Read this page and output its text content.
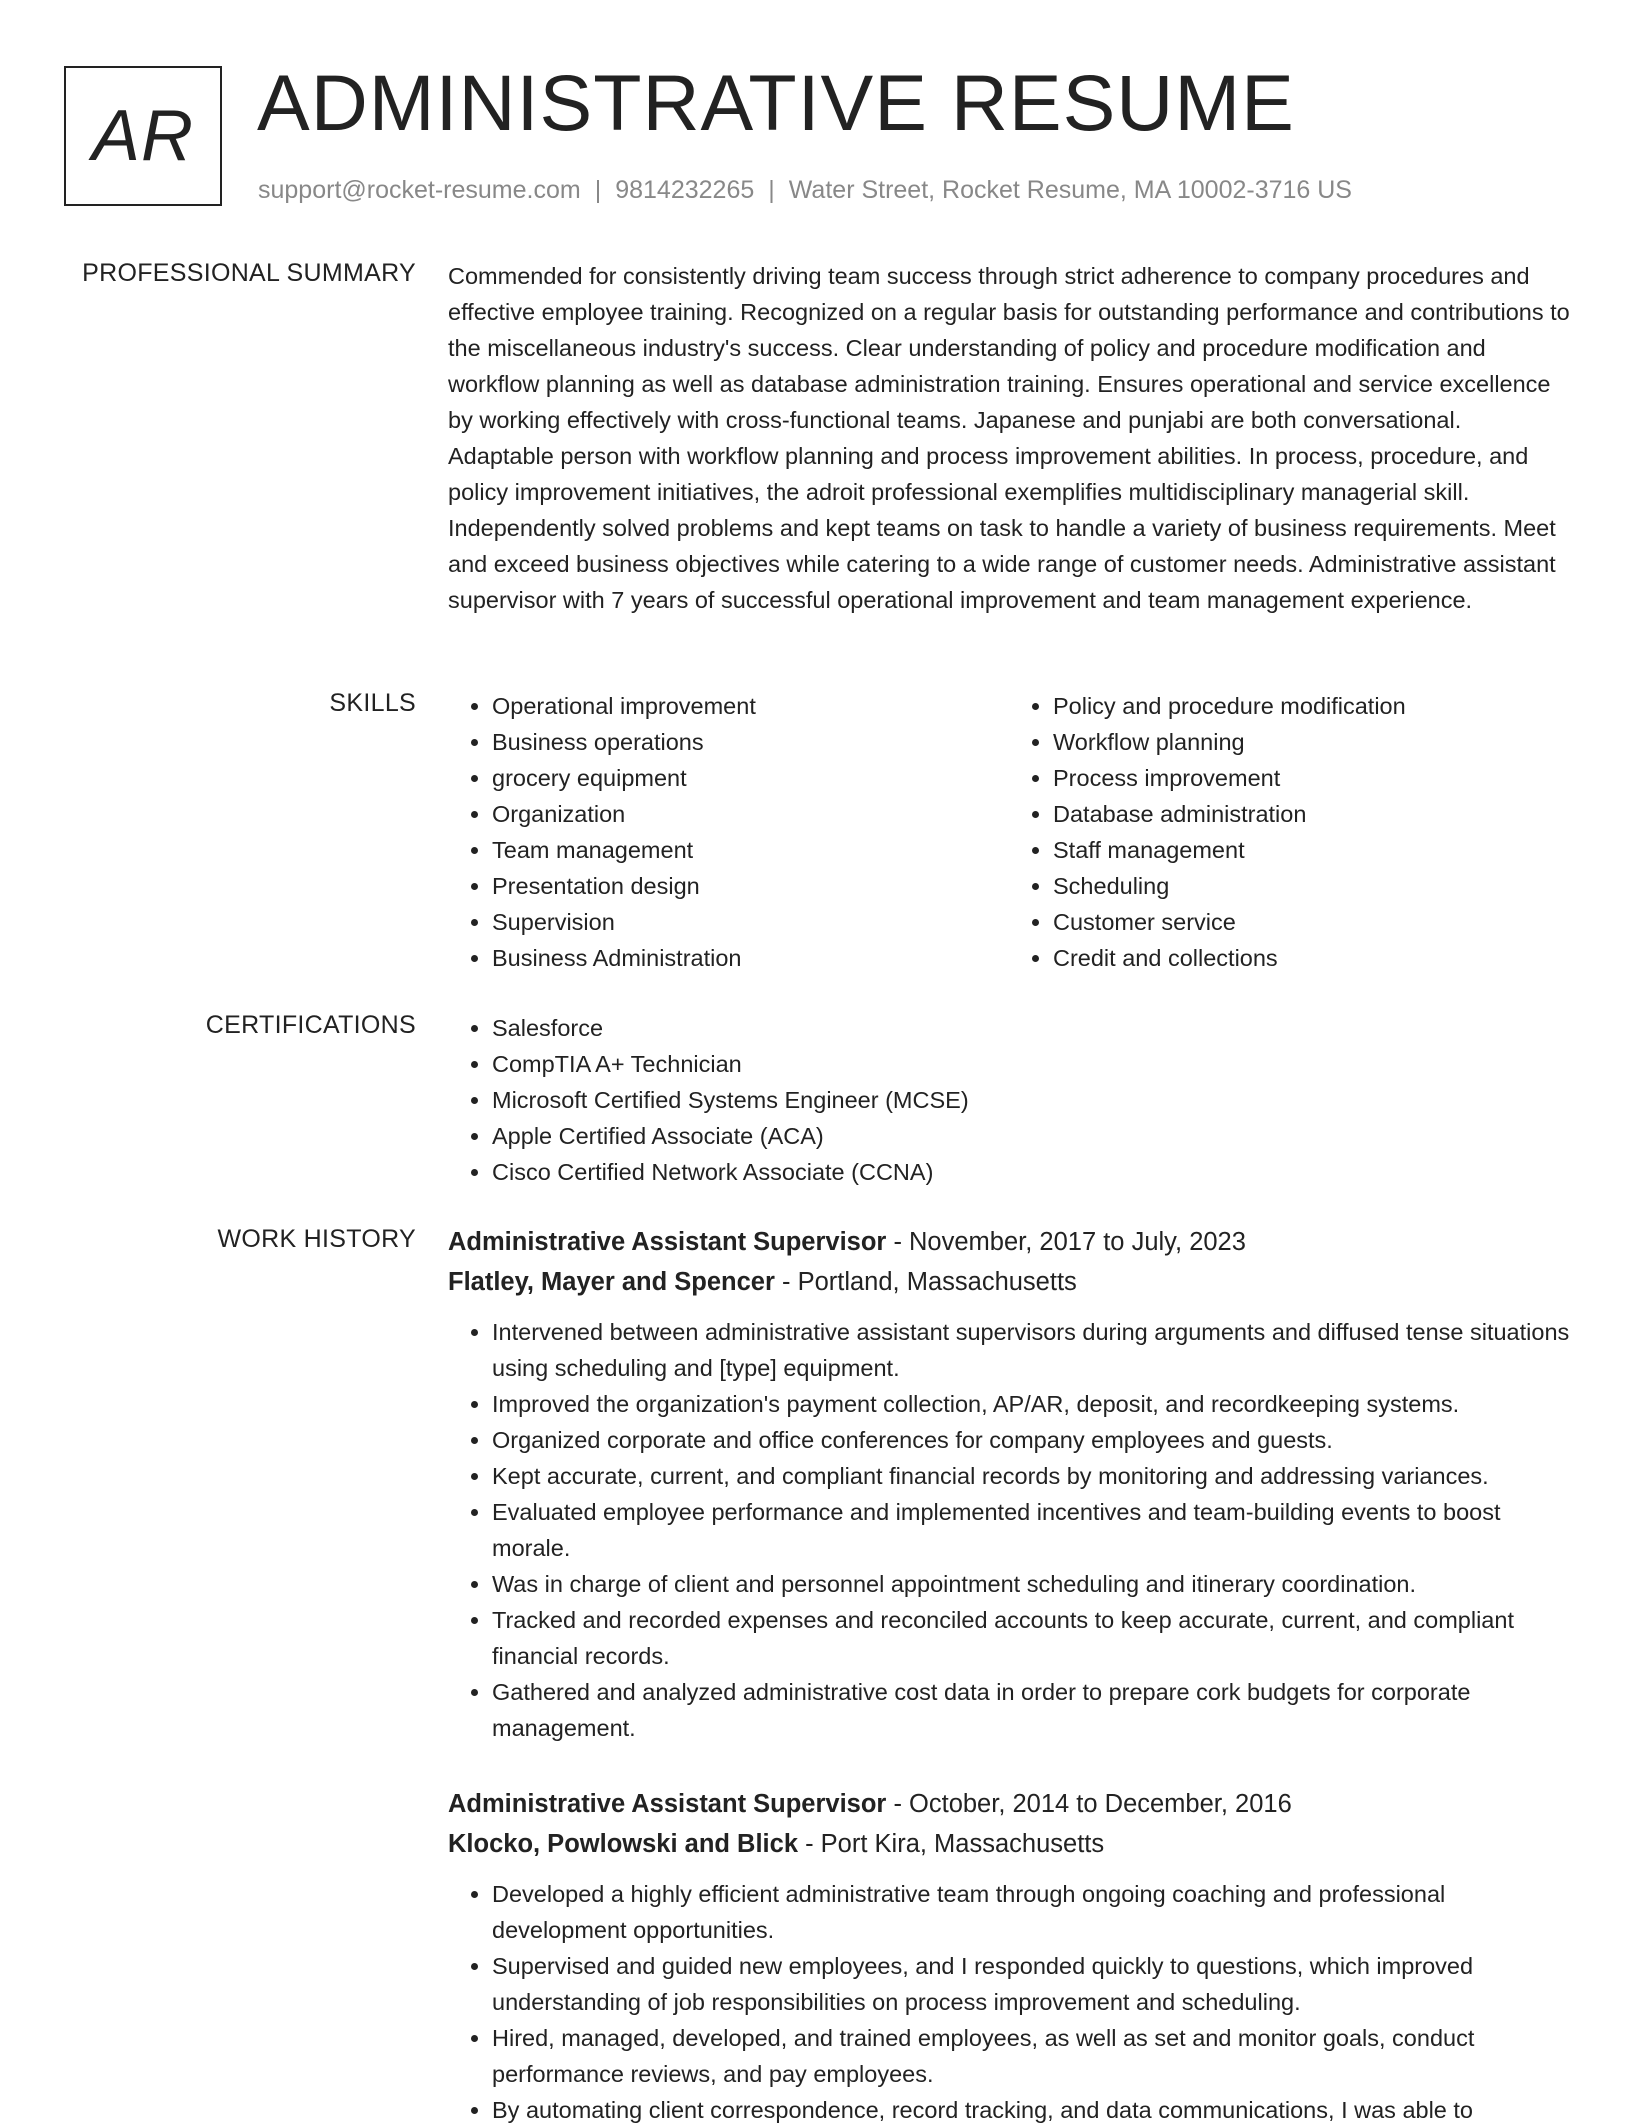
AR ADMINISTRATIVE RESUME
support@rocket-resume.com | 9814232265 | Water Street, Rocket Resume, MA 10002-3716 US
PROFESSIONAL SUMMARY Commended for consistently driving team success through strict adherence to company procedures and effective employee training. Recognized on a regular basis for outstanding performance and contributions to the miscellaneous industry's success. Clear understanding of policy and procedure modification and workflow planning as well as database administration training. Ensures operational and service excellence by working effectively with cross-functional teams. Japanese and punjabi are both conversational. Adaptable person with workflow planning and process improvement abilities. In process, procedure, and policy improvement initiatives, the adroit professional exemplifies multidisciplinary managerial skill. Independently solved problems and kept teams on task to handle a variety of business requirements. Meet and exceed business objectives while catering to a wide range of customer needs. Administrative assistant supervisor with 7 years of successful operational improvement and team management experience.

SKILLS	• Operational improvement
• Business operations
• grocery equipment
• Organization
• Team management
• Presentation design
• Supervision
• Business Administration
• Policy and procedure modification
• Workflow planning
• Process improvement
• Database administration
• Staff management
• Scheduling
• Customer service
• Credit and collections
CERTIFICATIONS	• Salesforce
• CompTIA A+ Technician
• Microsoft Certified Systems Engineer (MCSE)
• Apple Certified Associate (ACA)
• Cisco Certified Network Associate (CCNA)
WORK HISTORY Administrative Assistant Supervisor - November, 2017 to July, 2023
Flatley, Mayer and Spencer - Portland, Massachusetts
• Intervened between administrative assistant supervisors during arguments and diffused tense situations using scheduling and [type] equipment.
• Improved the organization's payment collection, AP/AR, deposit, and recordkeeping systems.
• Organized corporate and office conferences for company employees and guests.
• Kept accurate, current, and compliant financial records by monitoring and addressing variances.
• Evaluated employee performance and implemented incentives and team-building events to boost morale.
• Was in charge of client and personnel appointment scheduling and itinerary coordination.
• Tracked and recorded expenses and reconciled accounts to keep accurate, current, and compliant financial records.
• Gathered and analyzed administrative cost data in order to prepare cork budgets for corporate management.
Administrative Assistant Supervisor - October, 2014 to December, 2016
Klocko, Powlowski and Blick - Port Kira, Massachusetts
• Developed a highly efficient administrative team through ongoing coaching and professional development opportunities.
• Supervised and guided new employees, and I responded quickly to questions, which improved understanding of job responsibilities on process improvement and scheduling.
• Hired, managed, developed, and trained employees, as well as set and monitor goals, conduct performance reviews, and pay employees.
• By automating client correspondence, record tracking, and data communications, I was able to
